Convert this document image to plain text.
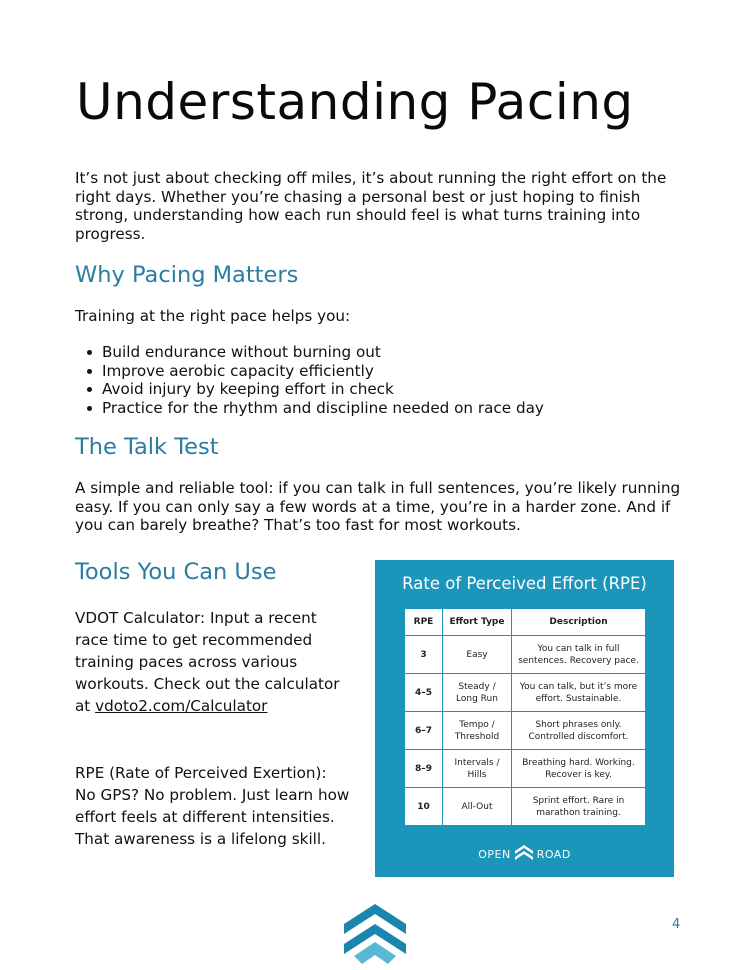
Understanding Pacing

It’s not just about checking off miles, it’s about running the right effort on the right days. Whether you’re chasing a personal best or just hoping to finish strong, understanding how each run should feel is what turns training into progress.

Why Pacing Matters

Training at the right pace helps you:

Build endurance without burning out
Improve aerobic capacity efficiently
Avoid injury by keeping effort in check
Practice for the rhythm and discipline needed on race day
The Talk Test

A simple and reliable tool: if you can talk in full sentences, you’re likely running easy. If you can only say a few words at a time, you’re in a harder zone. And if you can barely breathe? That’s too fast for most workouts.

Tools You Can Use

VDOT Calculator: Input a recent race time to get recommended training paces across various workouts. Check out the calculator at vdoto2.com/Calculator

RPE (Rate of Perceived Exertion): No GPS? No problem. Just learn how effort feels at different intensities. That awareness is a lifelong skill.

Rate of Perceived Effort (RPE)
RPE	Effort Type	Description
3	Easy	You can talk in full sentences. Recovery pace.
4–5	Steady / Long Run	You can talk, but it’s more effort. Sustainable.
6–7	Tempo / Threshold	Short phrases only. Controlled discomfort.
8–9	Intervals / Hills	Breathing hard. Working. Recover is key.
10	All-Out	Sprint effort. Rare in marathon training.
OPEN ROAD
4
